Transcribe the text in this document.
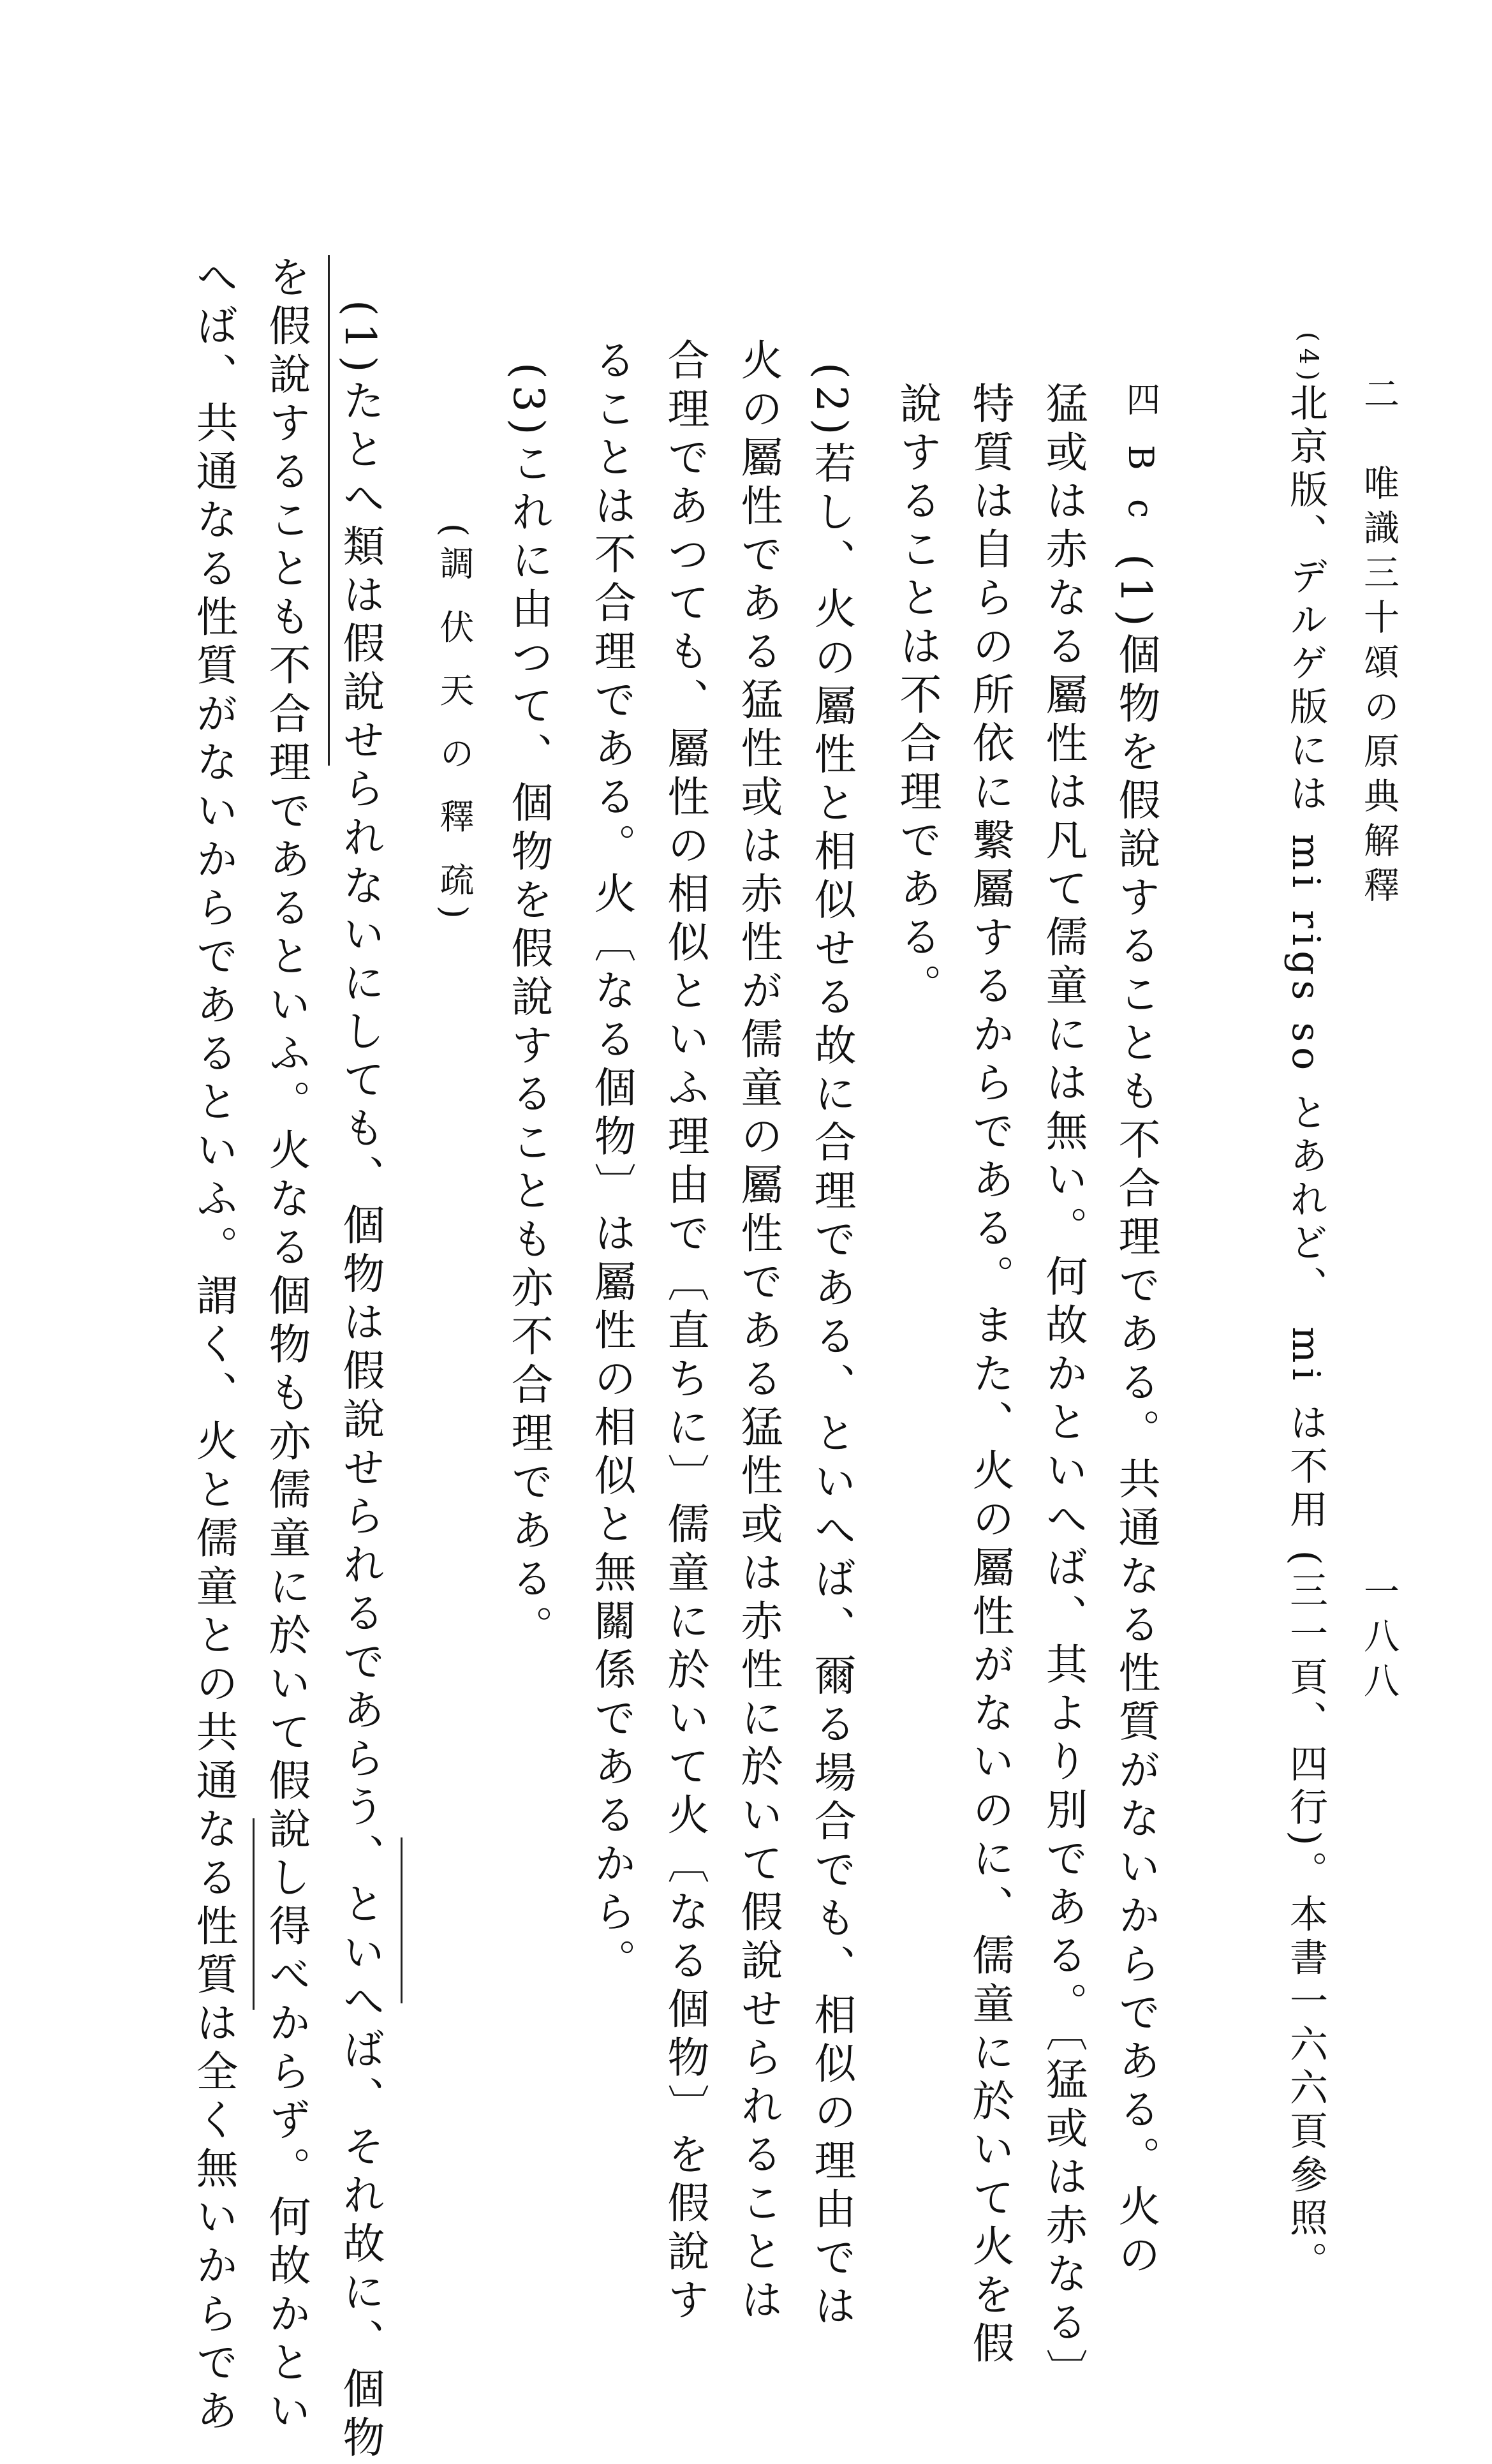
二　唯識三十頌の原典解釋
一八八
(4)
北京版、デルゲ版には mi rigs so とあれど、 mi は不用 (三一頁、四行)。本書一六六頁參照。
四 B c
(1)個物を假說することも不合理である。共通なる性質がないからである。火の
猛或は赤なる屬性は凡て儒童には無い。何故かといへば、其より別である。〔猛或は赤なる〕
特質は自らの所依に繫屬するからである。また、火の屬性がないのに、儒童に於いて火を假
說することは不合理である。
(2)若し、火の屬性と相似せる故に合理である、といへば、爾る場合でも、相似の理由では
火の屬性である猛性或は赤性が儒童の屬性である猛性或は赤性に於いて假說せられることは
合理であつても、屬性の相似といふ理由で〔直ちに〕儒童に於いて火〔なる個物〕を假說す
ることは不合理である。火〔なる個物〕は屬性の相似と無關係であるから。
(3)これに由つて、個物を假說することも亦不合理である。
(調 伏 天 の 釋 疏)
(1)たとへ類は假說せられないにしても、個物は假說せられるであらう、といへば、それ故に、個物
を假說することも不合理であるといふ。火なる個物も亦儒童に於いて假說し得べからず。何故かとい
へば、共通なる性質がないからであるといふ。謂く、火と儒童との共通なる性質は全く無いからであ
